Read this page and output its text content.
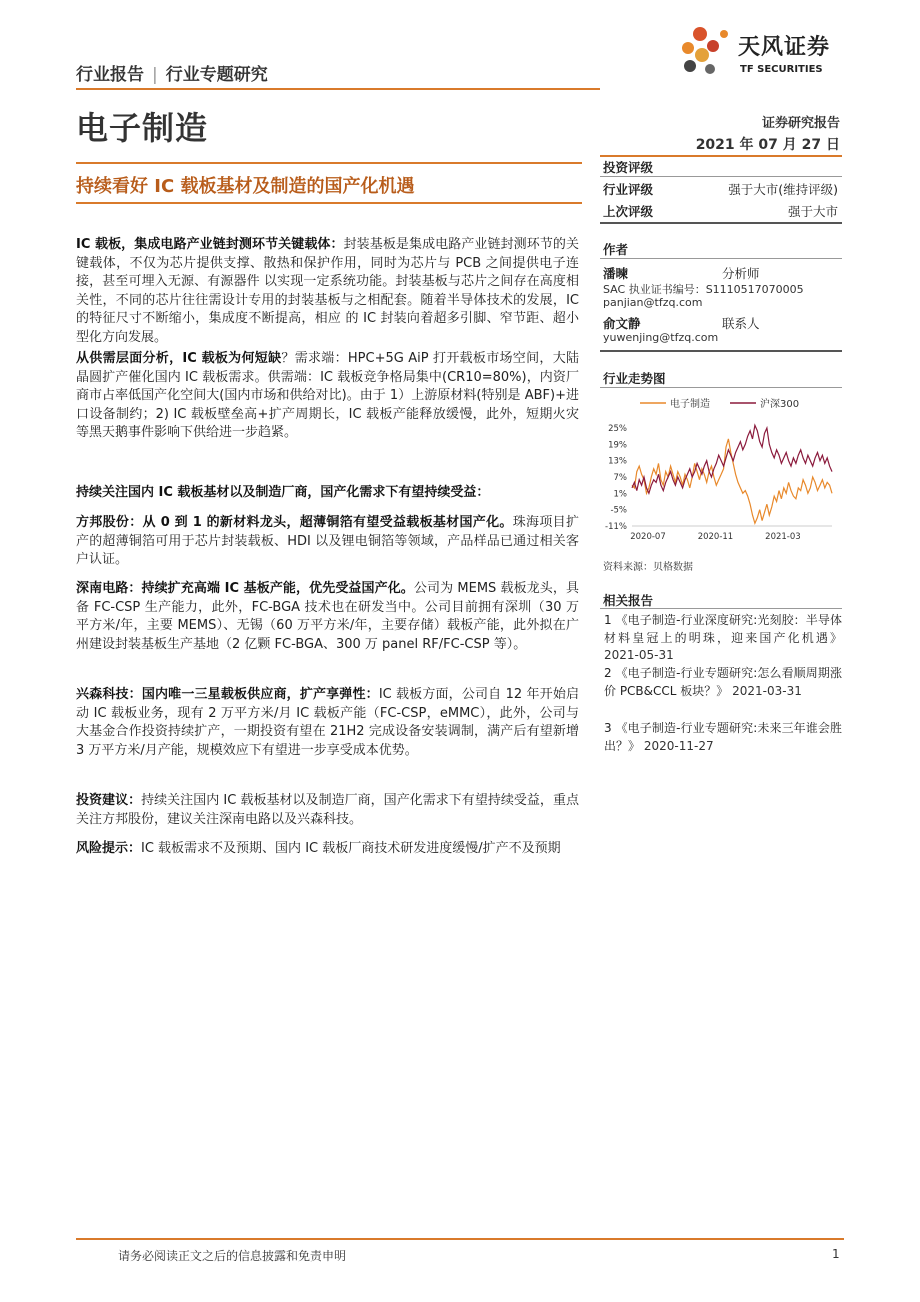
行业报告 | 行业专题研究
天风证券
TF SECURITIES
电子制造	证券研究报告
2021 年 07 月 27 日
持续看好 IC 载板基材及制造的国产化机遇
IC 载板，集成电路产业链封测环节关键载体：封装基板是集成电路产业链封测环节的关键载体，不仅为芯片提供支撑、散热和保护作用，同时为芯片与 PCB 之间提供电子连接，甚至可埋入无源、有源器件 以实现一定系统功能。封装基板与芯片之间存在高度相关性，不同的芯片往往需设计专用的封装基板与之相配套。随着半导体技术的发展，IC 的特征尺寸不断缩小，集成度不断提高，相应 的 IC 封装向着超多引脚、窄节距、超小型化方向发展。
从供需层面分析，IC 载板为何短缺？需求端：HPC+5G AiP 打开载板市场空间，大陆晶圆扩产催化国内 IC 载板需求。供需端：IC 载板竞争格局集中(CR10=80%)，内资厂商市占率低国产化空间大(国内市场和供给对比)。由于 1）上游原材料(特别是 ABF)+进口设备制约；2) IC 载板壁垒高+扩产周期长，IC 载板产能释放缓慢，此外，短期火灾等黑天鹅事件影响下供给进一步趋紧。
持续关注国内 IC 载板基材以及制造厂商，国产化需求下有望持续受益：
方邦股份：从 0 到 1 的新材料龙头，超薄铜箔有望受益载板基材国产化。珠海项目扩产的超薄铜箔可用于芯片封装载板、HDI 以及锂电铜箔等领域，产品样品已通过相关客户认证。
深南电路：持续扩充高端 IC 基板产能，优先受益国产化。公司为 MEMS 载板龙头，具备 FC-CSP 生产能力，此外，FC-BGA 技术也在研发当中。公司目前拥有深圳（30 万平方米/年，主要 MEMS）、无锡（60 万平方米/年，主要存储）载板产能，此外拟在广州建设封装基板生产基地（2 亿颗 FC-BGA、300 万 panel RF/FC-CSP 等）。
兴森科技：国内唯一三星载板供应商，扩产享弹性：IC 载板方面，公司自 12 年开始启动 IC 载板业务，现有 2 万平方米/月 IC 载板产能（FC-CSP，eMMC），此外，公司与大基金合作投资持续扩产，一期投资有望在 21H2 完成设备安装调制，满产后有望新增 3 万平方米/月产能，规模效应下有望进一步享受成本优势。
投资建议：持续关注国内 IC 载板基材以及制造厂商，国产化需求下有望持续受益，重点关注方邦股份，建议关注深南电路以及兴森科技。
风险提示：IC 载板需求不及预期、国内 IC 载板厂商技术研发进度缓慢/扩产不及预期
投资评级
行业评级	强于大市(维持评级)
上次评级	强于大市
作者
潘暕	分析师
SAC 执业证书编号：S1110517070005
panjian@tfzq.com
俞文静	联系人
yuwenjing@tfzq.com
行业走势图
电子制造	沪深300
25%
19%
13%
7%
1%
-5%
-11%
2020-07	2020-11	2021-03
资料来源：贝格数据
相关报告
1 《电子制造-行业深度研究:光刻胶：半导体材料皇冠上的明珠，迎来国产化机遇》 2021-05-31
2 《电子制造-行业专题研究:怎么看顺周期涨价 PCB&CCL 板块？》 2021-03-31
3 《电子制造-行业专题研究:未来三年谁会胜出？》 2020-11-27
请务必阅读正文之后的信息披露和免责申明	1
